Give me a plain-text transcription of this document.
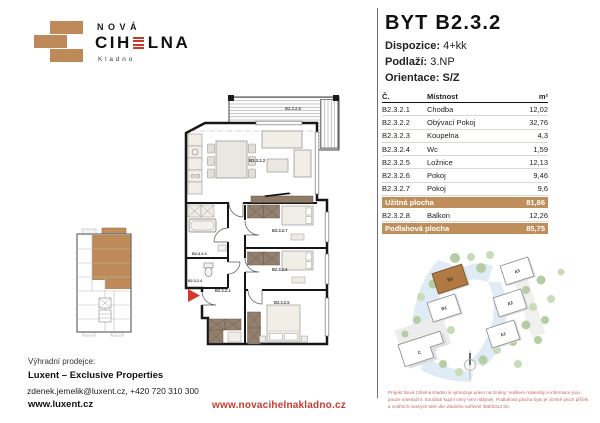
NOVÁ
CIH LNA
Kladno
BYT B2.3.2
Dispozice: 4+kk
Podlaží: 3.NP
Orientace: S/Z
Č.	Místnost	m²
B2.3.2.1	Chodba	12,02
B2.3.2.2	Obývací Pokoj	32,76
B2.3.2.3	Koupelna	4,3
B2.3.2.4	Wc	1,59
B2.3.2.5	Ložnice	12,13
B2.3.2.6	Pokoj	9,46
B2.3.2.7	Pokoj	9,6
Užitná plocha	81,86
B2.3.2.8	Balkon	12,26
Podlahová plocha	85,75
B2.3.2.8
B2.3.2.3
B2.3.2.4
B2.3.2.2
B2.3.2.1
B2.3.2.7
B2.3.2.6
B2.3.2.5
B2
B1
A3
A2
A1
C
Výhradní prodejce:
Luxent – Exclusive Properties
zdenek.jemelik@luxent.cz, +420 720 310 300
www.luxent.cz	www.novacihelnakladno.cz
Projekt Nová Cihelna Kladno si vyhrazuje právo na změny. Veškeré materiály a informace jsou pouze orientační. Součástí kupní ceny není nábytek. Podlahová plocha bytu je včetně ploch příček a vnitřních nosných stěn dle vládního nařízení 366/2013 Sb.
